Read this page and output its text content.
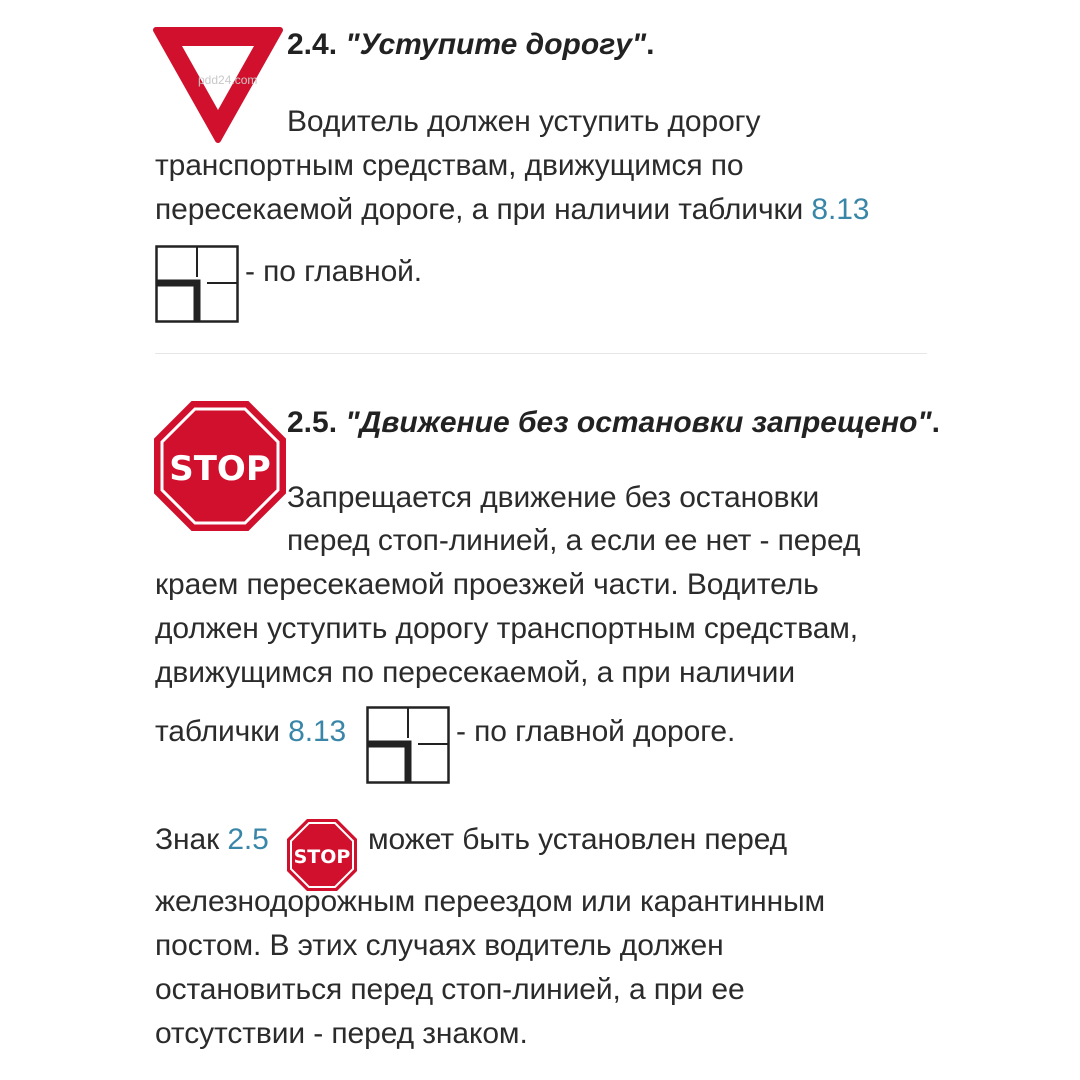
pdd24.com
2.4. "Уступите дорогу".
Водитель должен уступить дорогу
транспортным средствам, движущимся по
пересекаемой дороге, а при наличии таблички 8.13
- по главной.
STOP
2.5. "Движение без остановки запрещено".
Запрещается движение без остановки
перед стоп-линией, а если ее нет - перед
краем пересекаемой проезжей части. Водитель
должен уступить дорогу транспортным средствам,
движущимся по пересекаемой, а при наличии
таблички 8.13	- по главной дороге.
Знак 2.5
STOP
может быть установлен перед
железнодорожным переездом или карантинным
постом. В этих случаях водитель должен
остановиться перед стоп-линией, а при ее
отсутствии - перед знаком.
